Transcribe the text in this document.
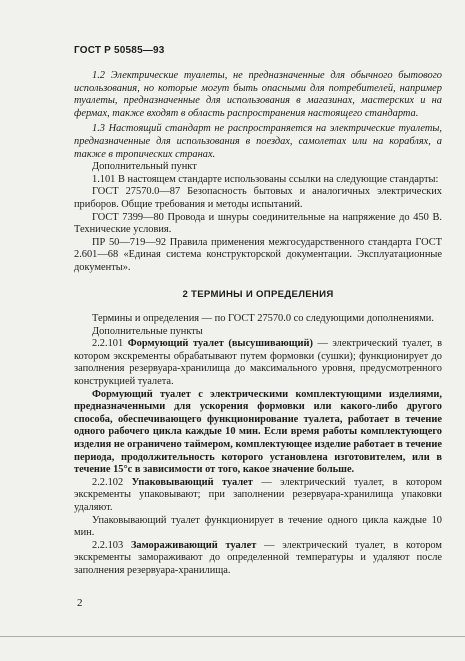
ГОСТ Р 50585—93

1.2 Электрические туалеты, не предназначенные для обычного бытового использования, но которые могут быть опасными для потребителей, например туалеты, предназначенные для использования в магазинах, мастерских и на фермах, также входят в область распространения настоящего стандарта.

1.3 Настоящий стандарт не распространяется на электрические туалеты, предназначенные для использования в поездах, самолетах или на кораблях, а также в тропических странах.

Дополнительный пункт

1.101 В настоящем стандарте использованы ссылки на следующие стандарты:

ГОСТ 27570.0—87 Безопасность бытовых и аналогичных электрических приборов. Общие требования и методы испытаний.

ГОСТ 7399—80 Провода и шнуры соединительные на напряжение до 450 В. Технические условия.

ПР 50—719—92 Правила применения межгосударственного стандарта ГОСТ 2.601—68 «Единая система конструкторской документации. Эксплуатационные документы».

2 ТЕРМИНЫ И ОПРЕДЕЛЕНИЯ

Термины и определения — по ГОСТ 27570.0 со следующими дополнениями.

Дополнительные пункты

2.2.101 Формующий туалет (высушивающий) — электрический туалет, в котором экскременты обрабатывают путем формовки (сушки); функционирует до заполнения резервуара-хранилища до максимального уровня, предусмотренного конструкцией туалета.

Формующий туалет с электрическими комплектующими изделиями, предназначенными для ускорения формовки или какого-либо другого способа, обеспечивающего функционирование туалета, работает в течение одного рабочего цикла каждые 10 мин. Если время работы комплектующего изделия не ограничено таймером, комплектующее изделие работает в течение периода, продолжительность которого установлена изготовителем, или в течение 15°с в зависимости от того, какое значение больше.

2.2.102 Упаковывающий туалет — электрический туалет, в котором экскременты упаковывают; при заполнении резервуара-хранилища упаковки удаляют.

Упаковывающий туалет функционирует в течение одного цикла каждые 10 мин.

2.2.103 Замораживающий туалет — электрический туалет, в котором экскременты замораживают до определенной температуры и удаляют после заполнения резервуара-хранилища.

2
